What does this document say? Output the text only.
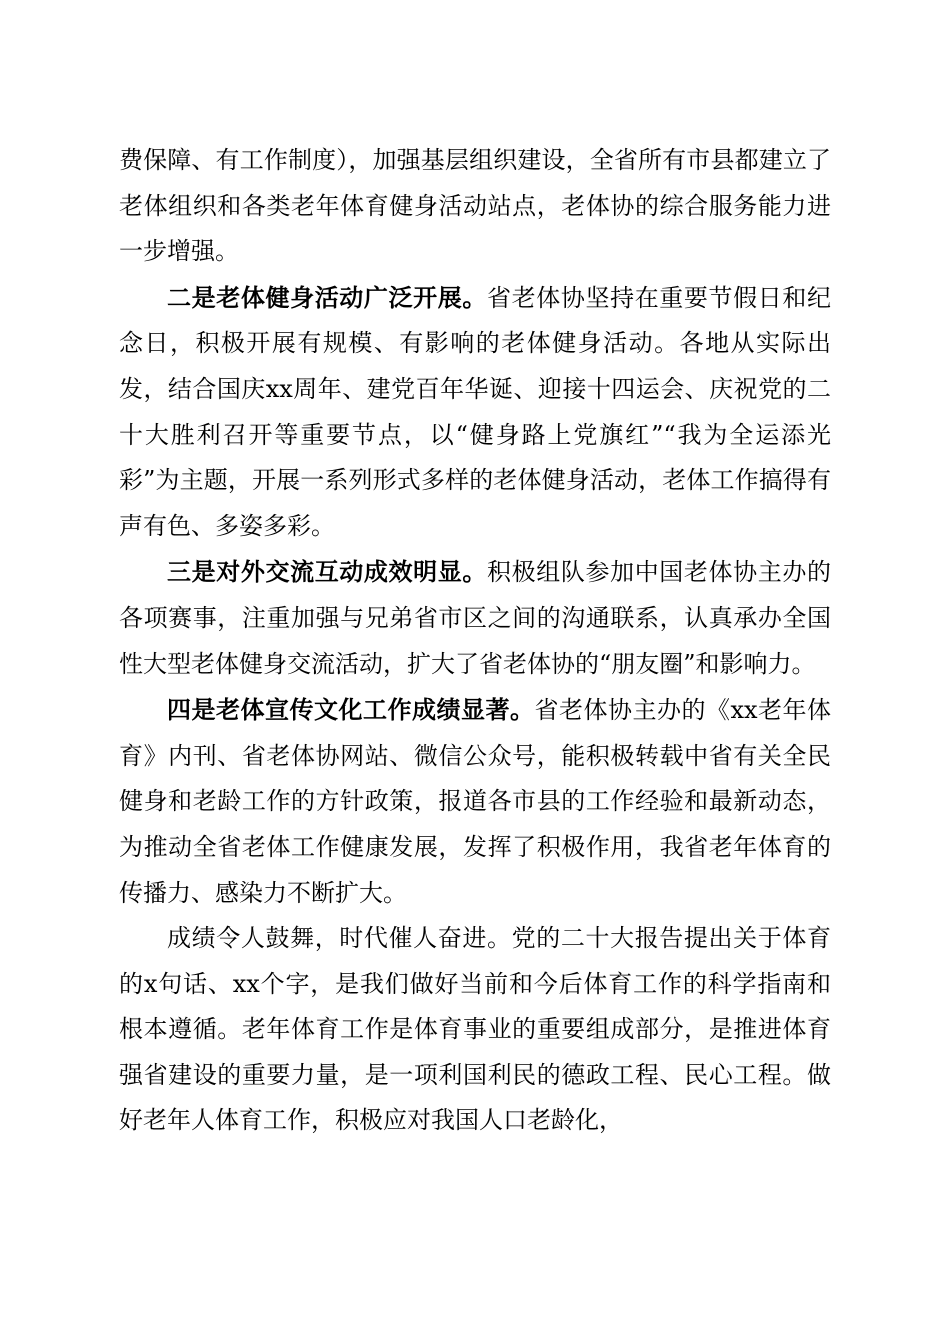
费保障、有工作制度），加强基层组织建设，全省所有市县都建立了老体组织和各类老年体育健身活动站点，老体协的综合服务能力进一步增强。

二是老体健身活动广泛开展。省老体协坚持在重要节假日和纪念日，积极开展有规模、有影响的老体健身活动。各地从实际出发，结合国庆xx周年、建党百年华诞、迎接十四运会、庆祝党的二十大胜利召开等重要节点，以“健身路上党旗红”“我为全运添光彩”为主题，开展一系列形式多样的老体健身活动，老体工作搞得有声有色、多姿多彩。

三是对外交流互动成效明显。积极组队参加中国老体协主办的各项赛事，注重加强与兄弟省市区之间的沟通联系，认真承办全国性大型老体健身交流活动，扩大了省老体协的“朋友圈”和影响力。

四是老体宣传文化工作成绩显著。省老体协主办的《xx老年体育》内刊、省老体协网站、微信公众号，能积极转载中省有关全民健身和老龄工作的方针政策，报道各市县的工作经验和最新动态，为推动全省老体工作健康发展，发挥了积极作用，我省老年体育的传播力、感染力不断扩大。

成绩令人鼓舞，时代催人奋进。党的二十大报告提出关于体育的x句话、xx个字，是我们做好当前和今后体育工作的科学指南和根本遵循。老年体育工作是体育事业的重要组成部分，是推进体育强省建设的重要力量，是一项利国利民的德政工程、民心工程。做好老年人体育工作，积极应对我国人口老龄化，
